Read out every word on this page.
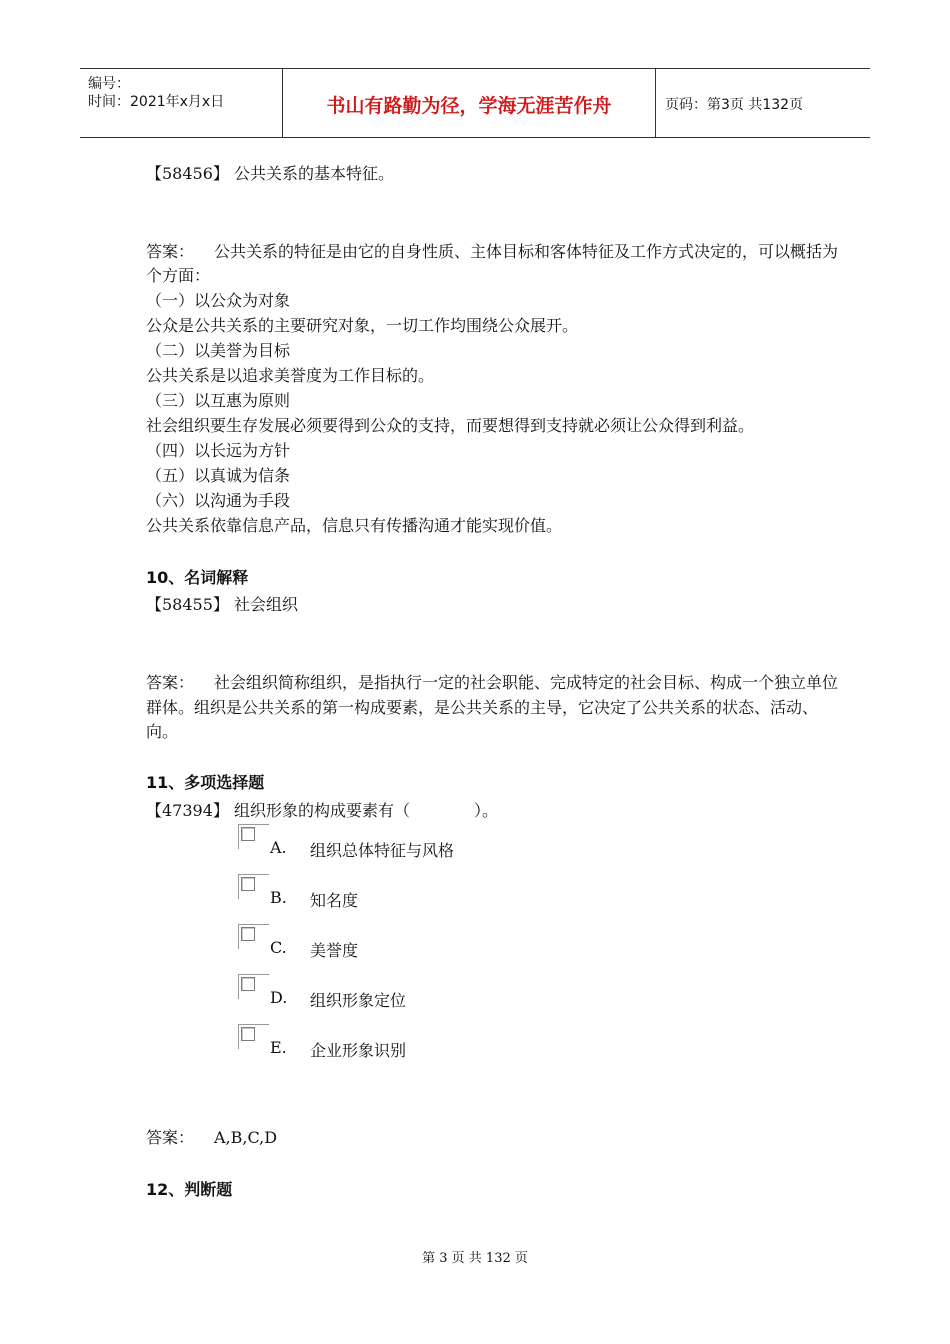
编号：
时间：2021年x月x日	书山有路勤为径，学海无涯苦作舟	页码：第3页 共132页
【58456】 公共关系的基本特征。
答案： 公共关系的特征是由它的自身性质、主体目标和客体特征及工作方式决定的，可以概括为
个方面：
（一）以公众为对象
公众是公共关系的主要研究对象，一切工作均围绕公众展开。
（二）以美誉为目标
公共关系是以追求美誉度为工作目标的。
（三）以互惠为原则
社会组织要生存发展必须要得到公众的支持，而要想得到支持就必须让公众得到利益。
（四）以长远为方针
（五）以真诚为信条
（六）以沟通为手段
公共关系依靠信息产品，信息只有传播沟通才能实现价值。
10、名词解释
【58455】 社会组织
答案： 社会组织简称组织，是指执行一定的社会职能、完成特定的社会目标、构成一个独立单位
群体。组织是公共关系的第一构成要素，是公共关系的主导，它决定了公共关系的状态、活动、
向。
11、多项选择题
【47394】 组织形象的构成要素有（　　　　）。
A. 组织总体特征与风格
B. 知名度
C. 美誉度
D. 组织形象定位
E. 企业形象识别
答案： A,B,C,D
12、判断题
第 3 页 共 132 页
